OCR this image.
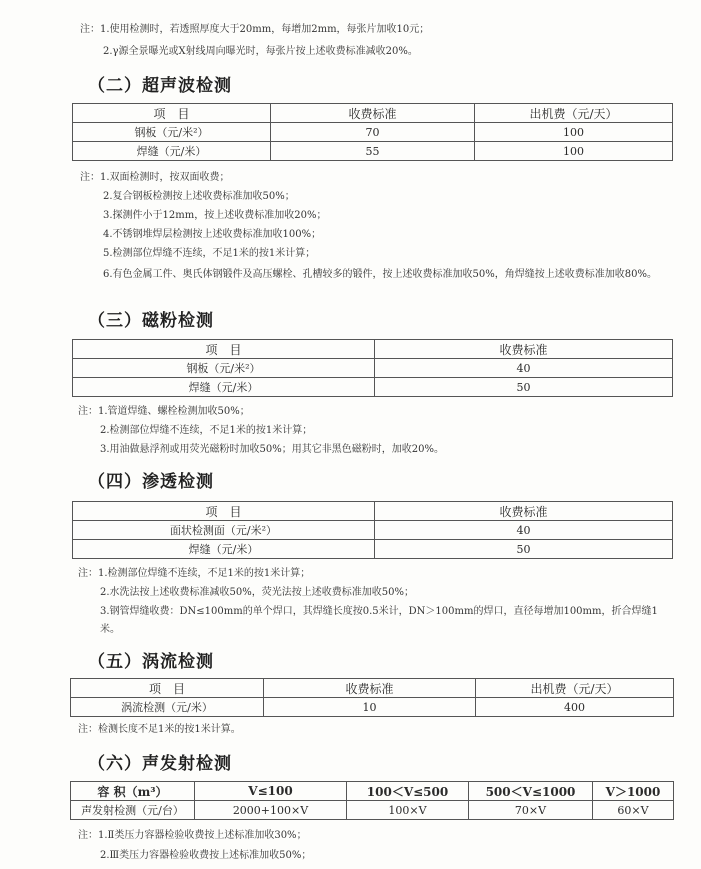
注：1.使用检测时，若透照厚度大于20mm，每增加2mm，每张片加收10元；
2.γ源全景曝光或X射线周向曝光时，每张片按上述收费标准减收20%。
（二）超声波检测
项　目	收费标准	出机费（元/天）
钢板（元/米²）	70	100
焊缝（元/米）	55	100
注：1.双面检测时，按双面收费；
2.复合钢板检测按上述收费标准加收50%；
3.探测件小于12mm，按上述收费标准加收20%；
4.不锈钢堆焊层检测按上述收费标准加收100%；
5.检测部位焊缝不连续，不足1米的按1米计算；
6.有色金属工件、奥氏体钢锻件及高压螺栓、孔槽较多的锻件，按上述收费标准加收50%，角焊缝按上述收费标准加收80%。
（三）磁粉检测
项　目	收费标准
钢板（元/米²）	40
焊缝（元/米）	50
注：1.管道焊缝、螺栓检测加收50%；
2.检测部位焊缝不连续，不足1米的按1米计算；
3.用油做悬浮剂或用荧光磁粉时加收50%；用其它非黑色磁粉时，加收20%。
（四）渗透检测
项　目	收费标准
面状检测面（元/米²）	40
焊缝（元/米）	50
注：1.检测部位焊缝不连续，不足1米的按1米计算；
2.水洗法按上述收费标准减收50%，荧光法按上述收费标准加收50%；
3.钢管焊缝收费：DN≤100mm的单个焊口，其焊缝长度按0.5米计，DN＞100mm的焊口，直径每增加100mm，折合焊缝1米。
（五）涡流检测
项　目	收费标准	出机费（元/天）
涡流检测（元/米）	10	400
注：检测长度不足1米的按1米计算。
（六）声发射检测
容 积（m³）	V≤100	100＜V≤500	500＜V≤1000	V＞1000
声发射检测（元/台）	2000+100×V	100×V	70×V	60×V
注：1.Ⅱ类压力容器检验收费按上述标准加收30%；
2.Ⅲ类压力容器检验收费按上述标准加收50%；
